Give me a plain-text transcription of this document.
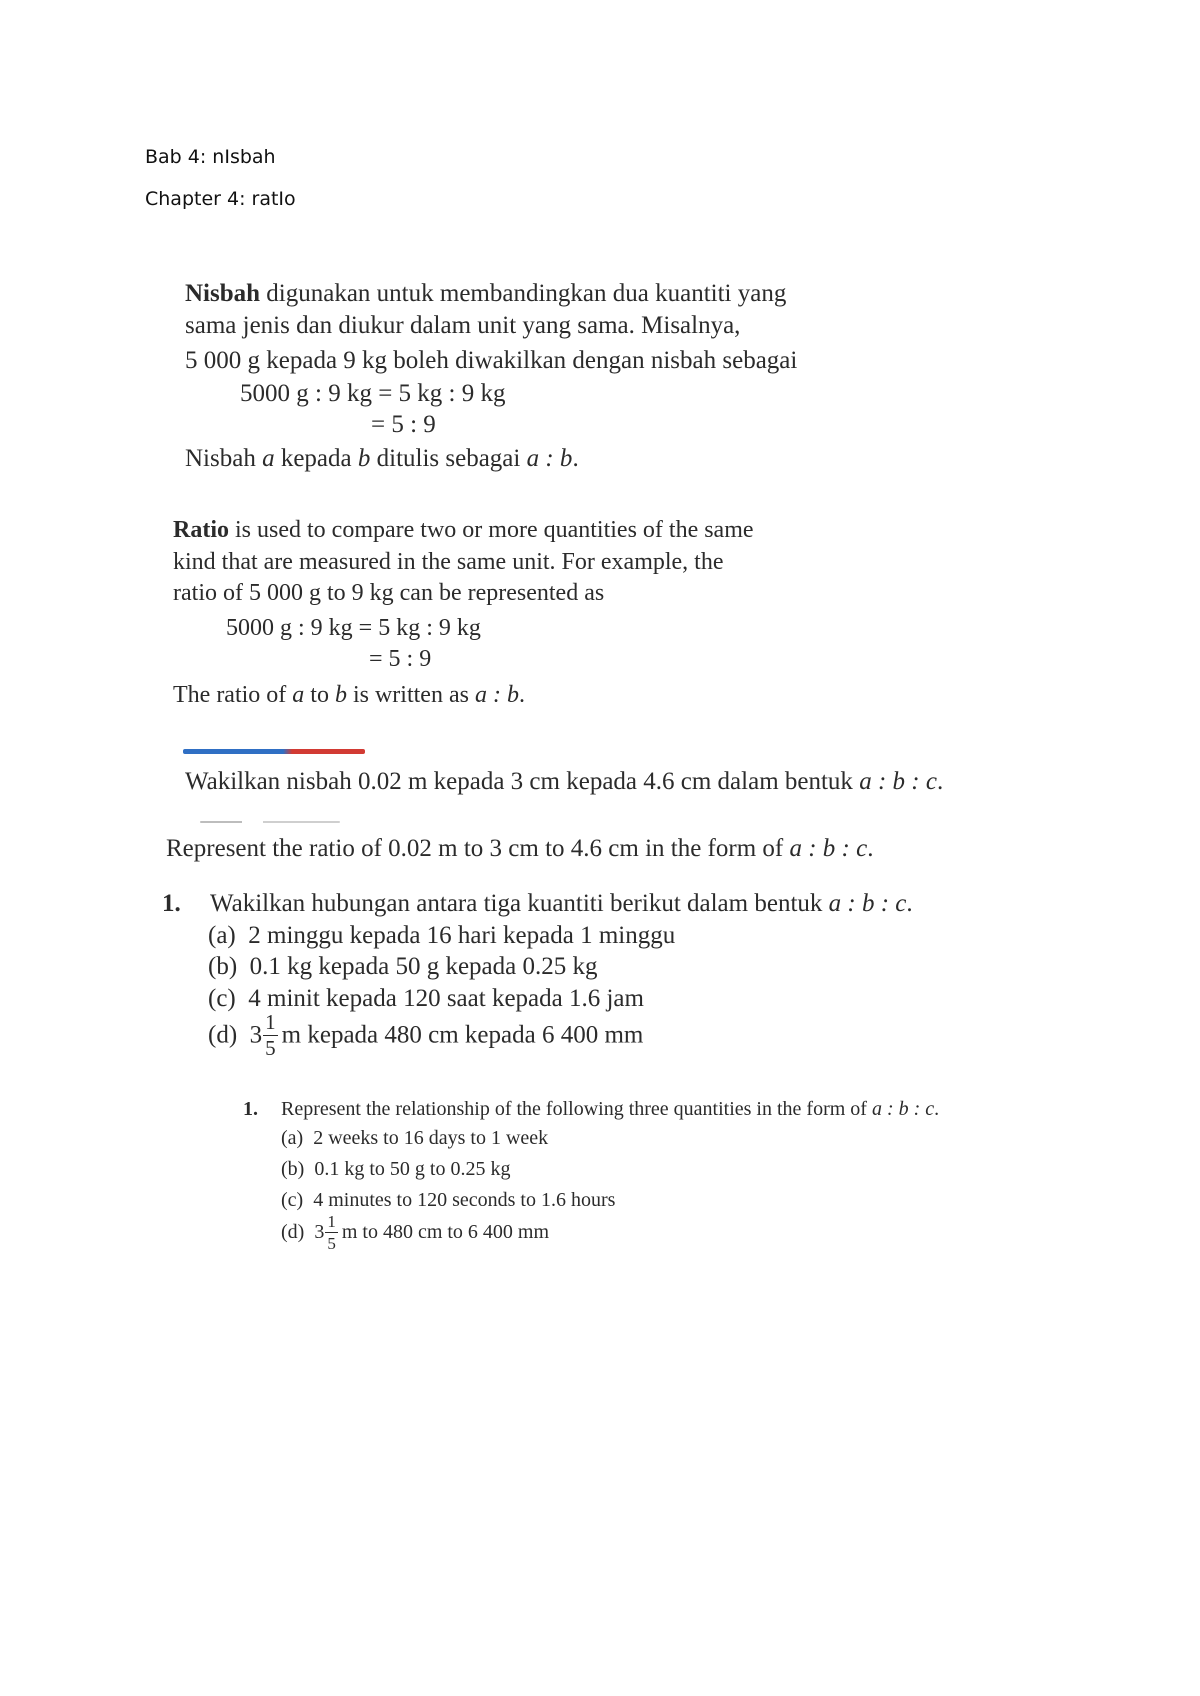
Bab 4: nIsbah
Chapter 4: ratIo
Nisbah digunakan untuk membandingkan dua kuantiti yang
sama jenis dan diukur dalam unit yang sama. Misalnya,
5 000 g kepada 9 kg boleh diwakilkan dengan nisbah sebagai
5000 g : 9 kg = 5 kg : 9 kg
= 5 : 9
Nisbah a kepada b ditulis sebagai a : b.
Ratio is used to compare two or more quantities of the same
kind that are measured in the same unit. For example, the
ratio of 5 000 g to 9 kg can be represented as
5000 g : 9 kg = 5 kg : 9 kg
= 5 : 9
The ratio of a to b is written as a : b.
Wakilkan nisbah 0.02 m kepada 3 cm kepada 4.6 cm dalam bentuk a : b : c.
Represent the ratio of 0.02 m to 3 cm to 4.6 cm in the form of a : b : c.
1. Wakilkan hubungan antara tiga kuantiti berikut dalam bentuk a : b : c.
(a) 2 minggu kepada 16 hari kepada 1 minggu
(b) 0.1 kg kepada 50 g kepada 0.25 kg
(c) 4 minit kepada 120 saat kepada 1.6 jam
(d) $3 \frac{1}{5}$ m kepada 480 cm kepada 6 400 mm
1. Represent the relationship of the following three quantities in the form of a : b : c.
(a) 2 weeks to 16 days to 1 week
(b) 0.1 kg to 50 g to 0.25 kg
(c) 4 minutes to 120 seconds to 1.6 hours
(d) $3 \frac{1}{5}$ m to 480 cm to 6 400 mm
